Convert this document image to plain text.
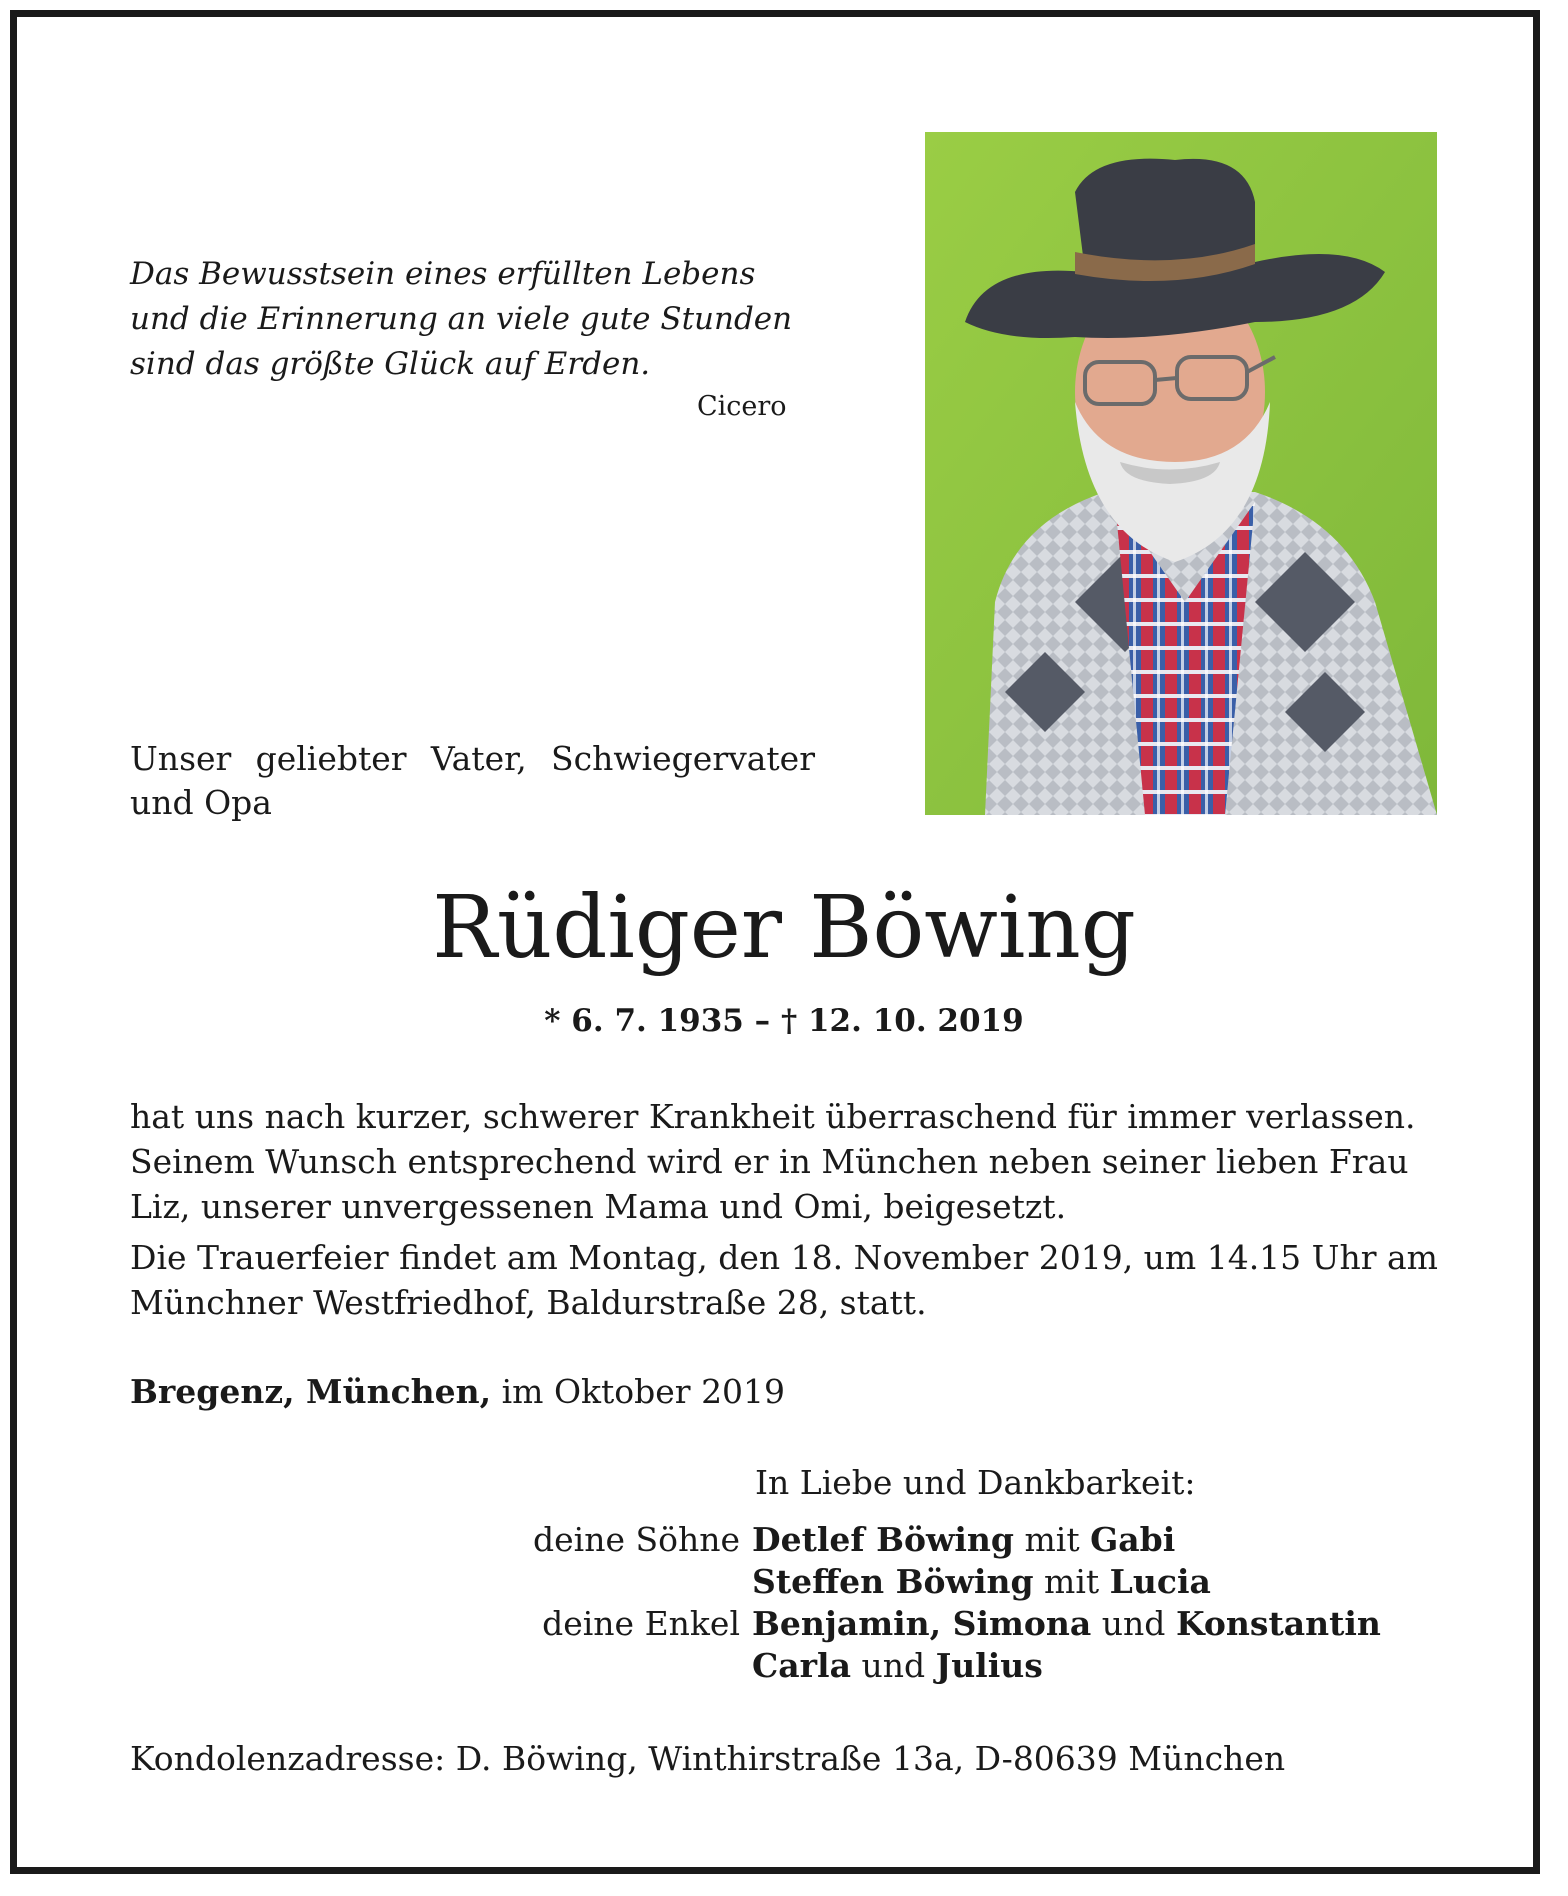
Das Bewusstsein eines erfüllten Lebens
und die Erinnerung an viele gute Stunden
sind das größte Glück auf Erden.
Cicero
Unser geliebter Vater, Schwiegervater
und Opa
Rüdiger Böwing
* 6. 7. 1935 – † 12. 10. 2019

hat uns nach kurzer, schwerer Krankheit überraschend für immer verlassen. Seinem Wunsch entsprechend wird er in München neben seiner lieben Frau Liz, unserer unvergessenen Mama und Omi, beigesetzt.

Die Trauerfeier findet am Montag, den 18. November 2019, um 14.15 Uhr am Münchner Westfriedhof, Baldurstraße 28, statt.

Bregenz, München, im Oktober 2019
In Liebe und Dankbarkeit:
deine Söhne	Detlef Böwing mit Gabi
	Steffen Böwing mit Lucia
deine Enkel	Benjamin, Simona und Konstantin
	Carla und Julius
Kondolenzadresse: D. Böwing, Winthirstraße 13a, D-80639 München
